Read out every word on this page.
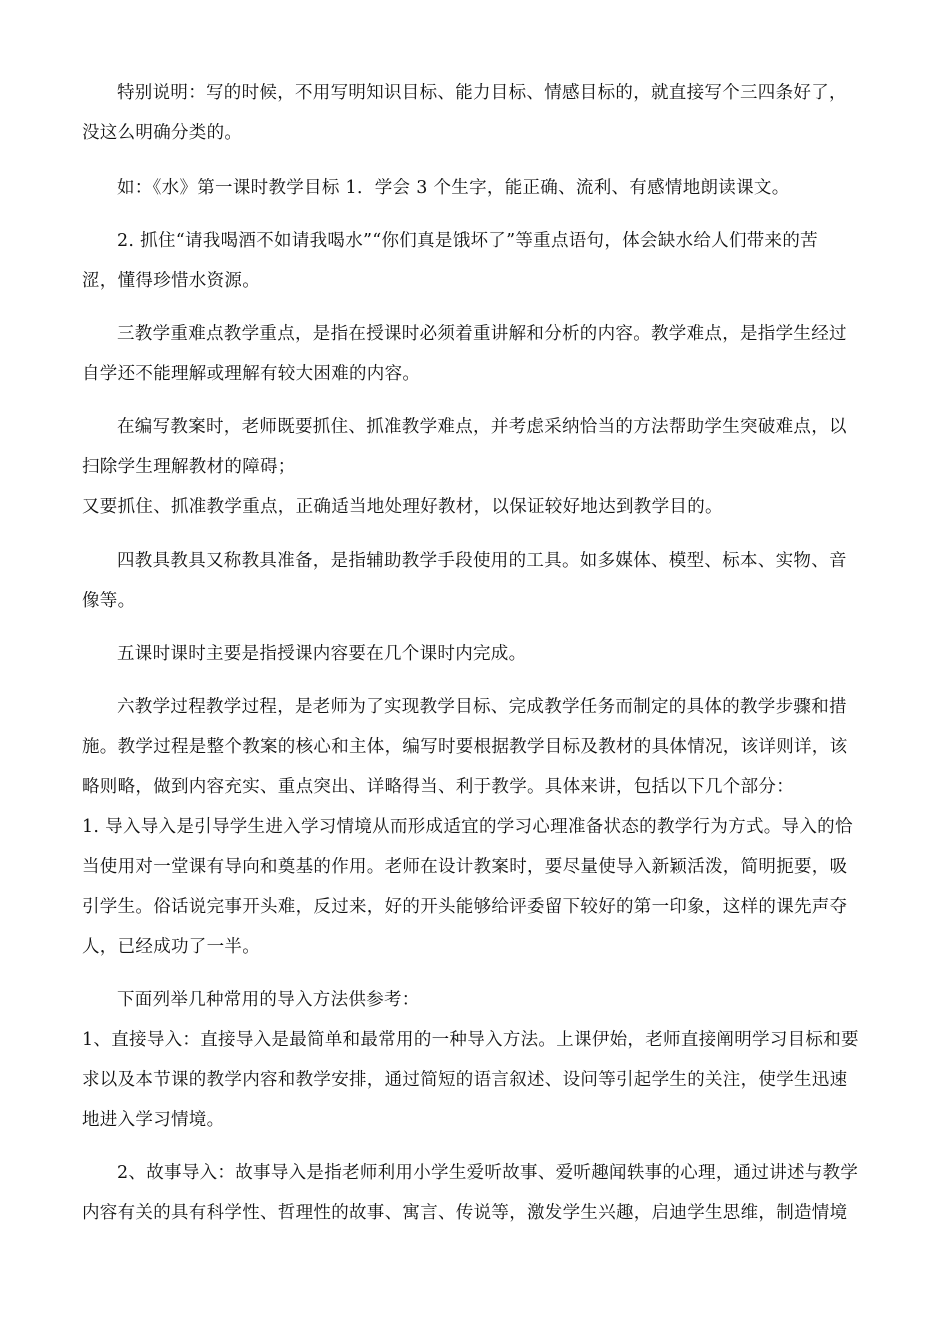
特别说明：写的时候，不用写明知识目标、能力目标、情感目标的，就直接写个三四条好了，
没这么明确分类的。
如：《水》第一课时教学目标 1．学会 3 个生字，能正确、流利、有感情地朗读课文。
2. 抓住“请我喝酒不如请我喝水”“你们真是饿坏了”等重点语句，体会缺水给人们带来的苦
涩，懂得珍惜水资源。
三教学重难点教学重点，是指在授课时必须着重讲解和分析的内容。教学难点，是指学生经过
自学还不能理解或理解有较大困难的内容。
在编写教案时，老师既要抓住、抓准教学难点，并考虑采纳恰当的方法帮助学生突破难点，以
扫除学生理解教材的障碍；
又要抓住、抓准教学重点，正确适当地处理好教材，以保证较好地达到教学目的。
四教具教具又称教具准备，是指辅助教学手段使用的工具。如多媒体、模型、标本、实物、音
像等。
五课时课时主要是指授课内容要在几个课时内完成。
六教学过程教学过程，是老师为了实现教学目标、完成教学任务而制定的具体的教学步骤和措
施。教学过程是整个教案的核心和主体，编写时要根据教学目标及教材的具体情况，该详则详，该
略则略，做到内容充实、重点突出、详略得当、利于教学。具体来讲，包括以下几个部分：
1. 导入导入是引导学生进入学习情境从而形成适宜的学习心理准备状态的教学行为方式。导入的恰
当使用对一堂课有导向和奠基的作用。老师在设计教案时，要尽量使导入新颖活泼，简明扼要，吸
引学生。俗话说完事开头难，反过来，好的开头能够给评委留下较好的第一印象，这样的课先声夺
人，已经成功了一半。
下面列举几种常用的导入方法供参考：
1、直接导入：直接导入是最简单和最常用的一种导入方法。上课伊始，老师直接阐明学习目标和要
求以及本节课的教学内容和教学安排，通过简短的语言叙述、设问等引起学生的关注，使学生迅速
地进入学习情境。
2、故事导入：故事导入是指老师利用小学生爱听故事、爱听趣闻轶事的心理，通过讲述与教学
内容有关的具有科学性、哲理性的故事、寓言、传说等，激发学生兴趣，启迪学生思维，制造情境
